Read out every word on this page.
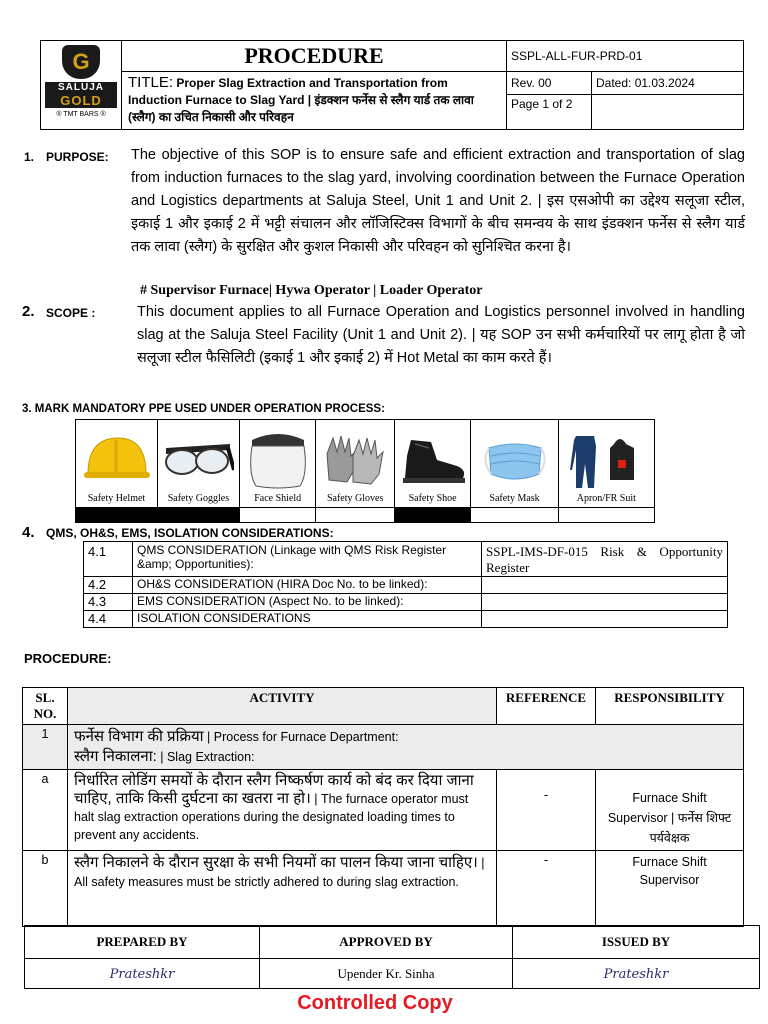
G
SALUJA
GOLD
® TMT BARS ®
	PROCEDURE	SSPL-ALL-FUR-PRD-01
TITLE: Proper Slag Extraction and Transportation from Induction Furnace to Slag Yard | इंडक्शन फर्नेस से स्लैग यार्ड तक लावा (स्लैग) का उचित निकासी और परिवहन	
Rev. 00	Dated: 01.03.2024
Page 1 of 2	
1. PURPOSE: The objective of this SOP is to ensure safe and efficient extraction and transportation of slag from induction furnaces to the slag yard, involving coordination between the Furnace Operation and Logistics departments at Saluja Steel, Unit 1 and Unit 2. | इस एसओपी का उद्देश्य सलूजा स्टील, इकाई 1 और इकाई 2 में भट्टी संचालन और लॉजिस्टिक्स विभागों के बीच समन्वय के साथ इंडक्शन फर्नेस से स्लैग यार्ड तक लावा (स्लैग) के सुरक्षित और कुशल निकासी और परिवहन को सुनिश्चित करना है।
# Supervisor Furnace| Hywa Operator | Loader Operator
2. SCOPE :	This document applies to all Furnace Operation and Logistics personnel involved in handling slag at the Saluja Steel Facility (Unit 1 and Unit 2). | यह SOP उन सभी कर्मचारियों पर लागू होता है जो सलूजा स्टील फैसिलिटी (इकाई 1 और इकाई 2) में Hot Metal का काम करते हैं।
3. MARK MANDATORY PPE USED UNDER OPERATION PROCESS:
Safety Helmet	Safety Goggles	Face Shield	Safety Gloves	Safety Shoe	Safety Mask	Apron/FR Suit

4. QMS, OH&S, EMS, ISOLATION CONSIDERATIONS:
4.1	QMS CONSIDERATION (Linkage with QMS Risk Register &amp; Opportunities):	SSPL-IMS-DF-015 Risk & Opportunity Register
4.2	OH&S CONSIDERATION (HIRA Doc No. to be linked):	
4.3	EMS CONSIDERATION (Aspect No. to be linked):	
4.4	ISOLATION CONSIDERATIONS	
PROCEDURE:
SL. NO.	ACTIVITY	REFERENCE	RESPONSIBILITY
1	फर्नेस विभाग की प्रक्रिया | Process for Furnace Department:
स्लैग निकालना: | Slag Extraction:		
a	निर्धारित लोडिंग समयों के दौरान स्लैग निष्कर्षण कार्य को बंद कर दिया जाना चाहिए, ताकि किसी दुर्घटना का खतरा ना हो। | The furnace operator must halt slag extraction operations during the designated loading times to prevent any accidents.	-	Furnace Shift Supervisor | फर्नेस शिफ्ट पर्यवेक्षक
b	स्लैग निकालने के दौरान सुरक्षा के सभी नियमों का पालन किया जाना चाहिए। | All safety measures must be strictly adhered to during slag extraction.	-	Furnace Shift Supervisor
PREPARED BY	APPROVED BY	ISSUED BY
Prateshkr	Upender Kr. Sinha	Prateshkr
Controlled Copy
